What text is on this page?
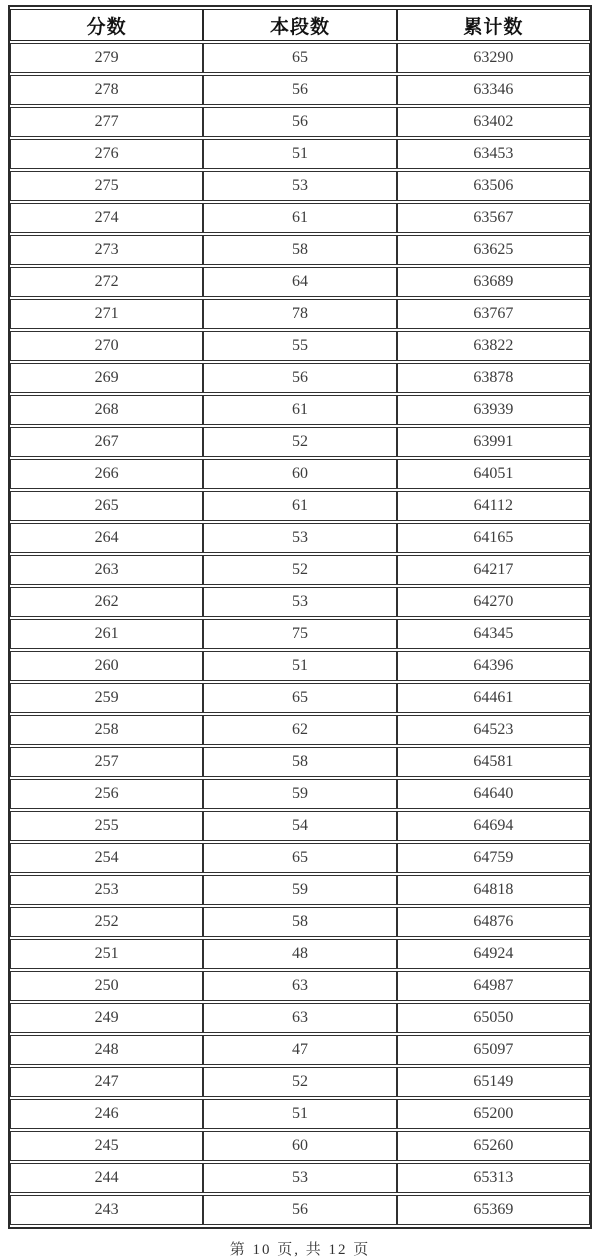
分数	本段数	累计数
279	65	63290
278	56	63346
277	56	63402
276	51	63453
275	53	63506
274	61	63567
273	58	63625
272	64	63689
271	78	63767
270	55	63822
269	56	63878
268	61	63939
267	52	63991
266	60	64051
265	61	64112
264	53	64165
263	52	64217
262	53	64270
261	75	64345
260	51	64396
259	65	64461
258	62	64523
257	58	64581
256	59	64640
255	54	64694
254	65	64759
253	59	64818
252	58	64876
251	48	64924
250	63	64987
249	63	65050
248	47	65097
247	52	65149
246	51	65200
245	60	65260
244	53	65313
243	56	65369
第 10 页, 共 12 页
